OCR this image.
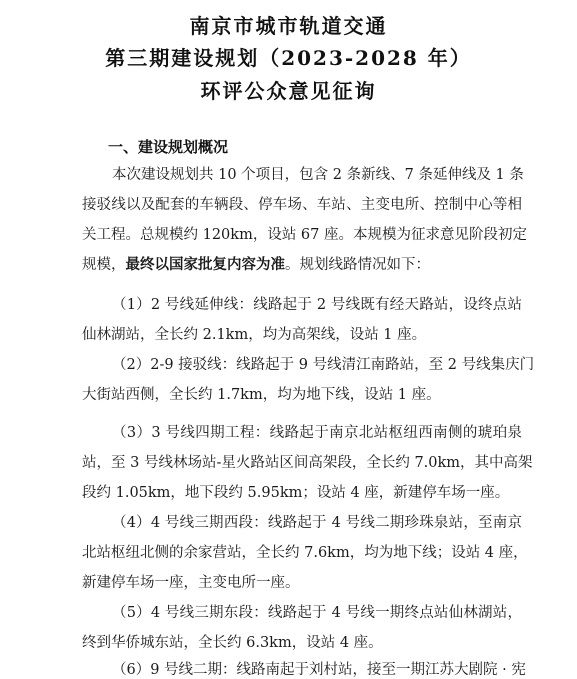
南京市城市轨道交通
第三期建设规划（2023-2028 年）
环评公众意见征询
一、建设规划概况
本次建设规划共 10 个项目，包含 2 条新线、7 条延伸线及 1 条
接驳线以及配套的车辆段、停车场、车站、主变电所、控制中心等相
关工程。总规模约 120km，设站 67 座。本规模为征求意见阶段初定
规模，最终以国家批复内容为准。规划线路情况如下：
（1）2 号线延伸线：线路起于 2 号线既有经天路站，设终点站
仙林湖站，全长约 2.1km，均为高架线，设站 1 座。
（2）2-9 接驳线：线路起于 9 号线清江南路站，至 2 号线集庆门
大街站西侧，全长约 1.7km，均为地下线，设站 1 座。
（3）3 号线四期工程：线路起于南京北站枢纽西南侧的琥珀泉
站，至 3 号线林场站-星火路站区间高架段，全长约 7.0km，其中高架
段约 1.05km，地下段约 5.95km；设站 4 座，新建停车场一座。
（4）4 号线三期西段：线路起于 4 号线二期珍珠泉站，至南京
北站枢纽北侧的余家营站，全长约 7.6km，均为地下线；设站 4 座，
新建停车场一座，主变电所一座。
（5）4 号线三期东段：线路起于 4 号线一期终点站仙林湖站，
终到华侨城东站，全长约 6.3km，设站 4 座。
（6）9 号线二期：线路南起于刘村站，接至一期江苏大剧院 · 宪
